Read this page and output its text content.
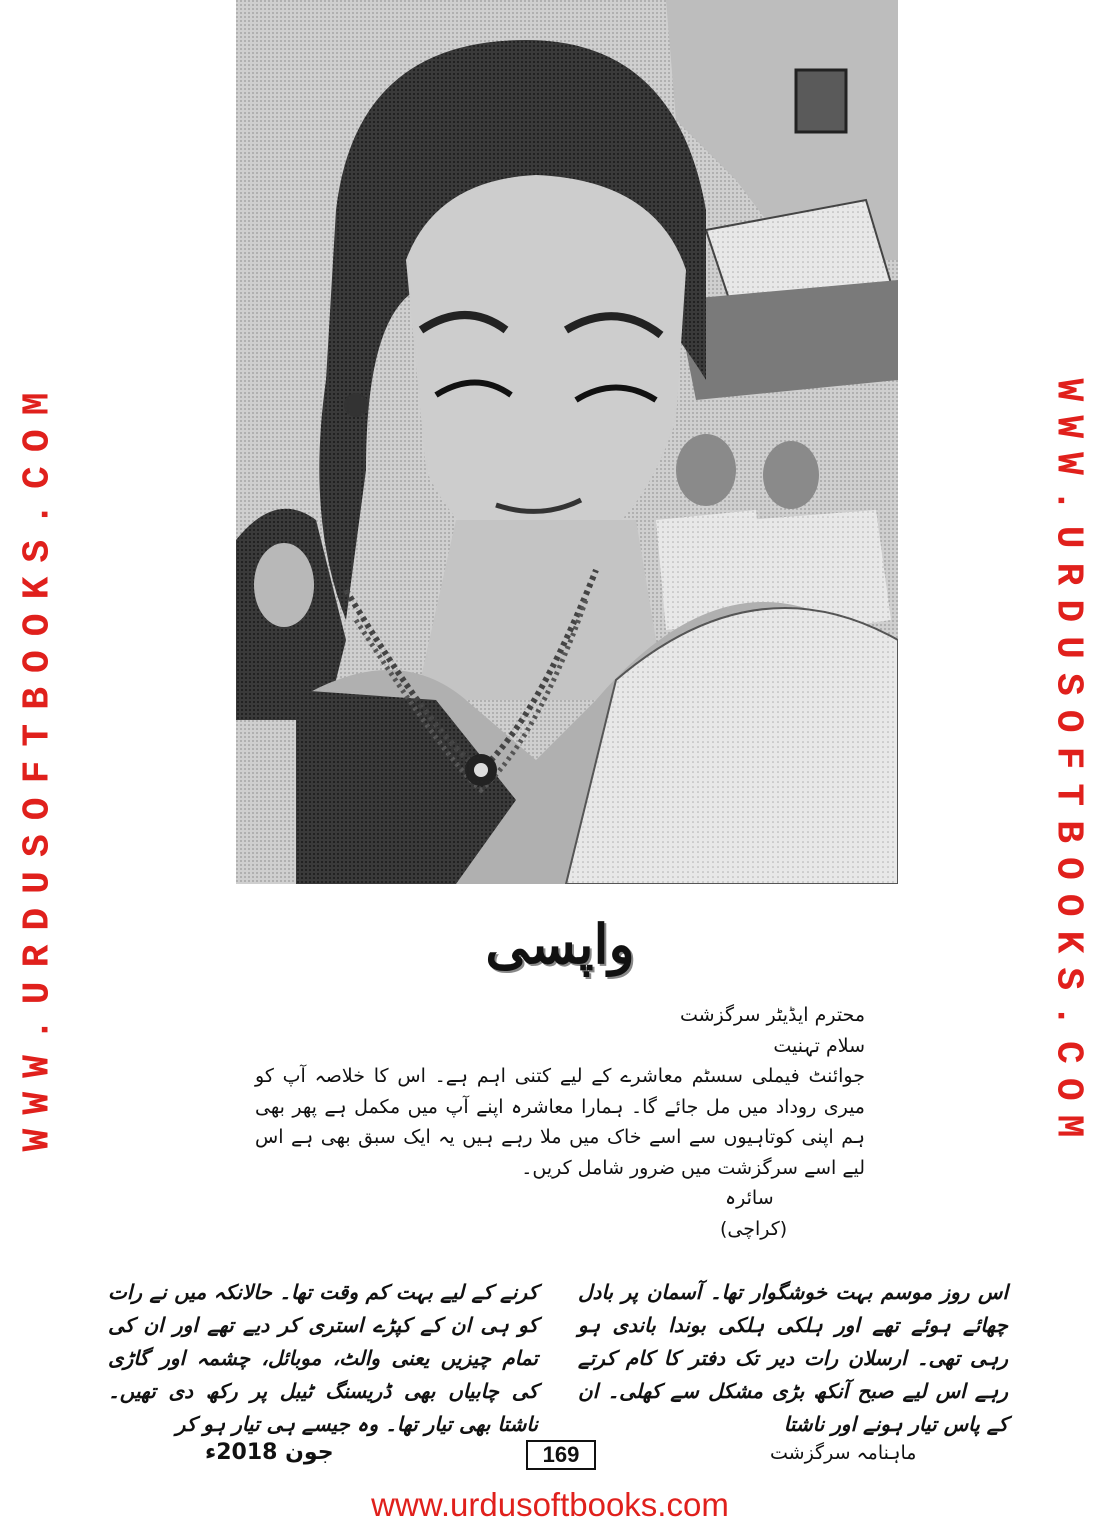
WWW.URDUSOFTBOOKS.COM	WWW.URDUSOFTBOOKS.COM
واپسی

محترم ایڈیٹر سرگزشت

سلام تہنیت

جوائنٹ فیملی سسٹم معاشرے کے لیے کتنی اہم ہے۔ اس کا خلاصہ آپ کو میری روداد میں مل جائے گا۔ ہمارا معاشرہ اپنے آپ میں مکمل ہے پھر بھی ہم اپنی کوتاہیوں سے اسے خاک میں ملا رہے ہیں یہ ایک سبق بھی ہے اس لیے اسے سرگزشت میں ضرور شامل کریں۔

سائرہ

(کراچی)

اس روز موسم بہت خوشگوار تھا۔ آسمان پر بادل چھائے ہوئے تھے اور ہلکی ہلکی بوندا باندی ہو رہی تھی۔ ارسلان رات دیر تک دفتر کا کام کرتے رہے اس لیے صبح آنکھ بڑی مشکل سے کھلی۔ ان کے پاس تیار ہونے اور ناشتا
کرنے کے لیے بہت کم وقت تھا۔ حالانکہ میں نے رات کو ہی ان کے کپڑے استری کر دیے تھے اور ان کی تمام چیزیں یعنی والٹ، موبائل، چشمہ اور گاڑی کی چابیاں بھی ڈریسنگ ٹیبل پر رکھ دی تھیں۔ ناشتا بھی تیار تھا۔ وہ جیسے ہی تیار ہو کر
جون 2018ء	169	ماہنامہ سرگزشت
www.urdusoftbooks.com
